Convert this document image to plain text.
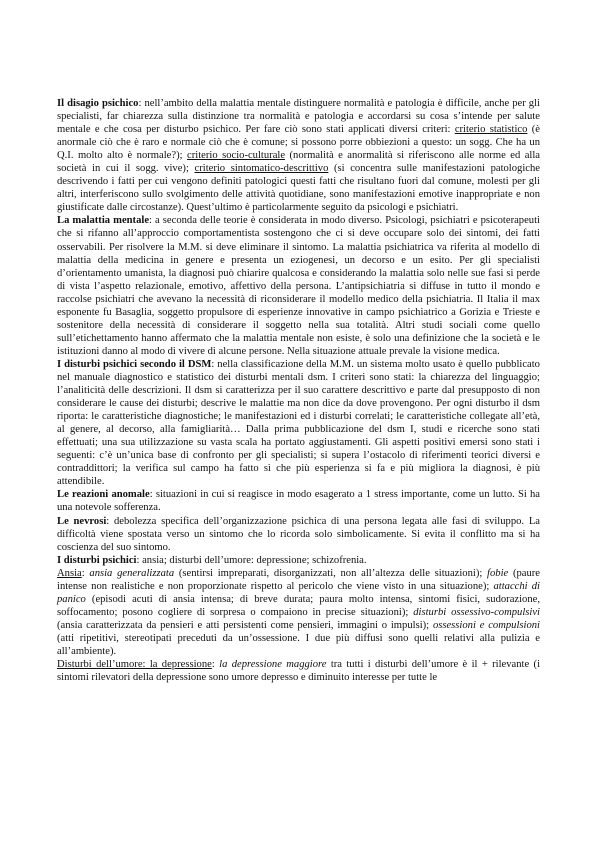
Il disagio psichico: nell’ambito della malattia mentale distinguere normalità e patologia è difficile, anche per gli specialisti, far chiarezza sulla distinzione tra normalità e patologia e accordarsi su cosa s’intende per salute mentale e che cosa per disturbo psichico. Per fare ciò sono stati applicati diversi criteri: criterio statistico (è anormale ciò che è raro e normale ciò che è comune; si possono porre obbiezioni a questo: un sogg. Che ha un Q.I. molto alto è normale?); criterio socio-culturale (normalità e anormalità si riferiscono alle norme ed alla società in cui il sogg. vive); criterio sintomatico-descrittivo (si concentra sulle manifestazioni patologiche descrivendo i fatti per cui vengono definiti patologici questi fatti che risultano fuori dal comune, molesti per gli altri, interferiscono sullo svolgimento delle attività quotidiane, sono manifestazioni emotive inappropriate e non giustificate dalle circostanze). Quest’ultimo è particolarmente seguito da psicologi e psichiatri.

La malattia mentale: a seconda delle teorie è considerata in modo diverso. Psicologi, psichiatri e psicoterapeuti che si rifanno all’approccio comportamentista sostengono che ci si deve occupare solo dei sintomi, dei fatti osservabili. Per risolvere la M.M. si deve eliminare il sintomo. La malattia psichiatrica va riferita al modello di malattia della medicina in genere e presenta un eziogenesi, un decorso e un esito. Per gli specialisti d’orientamento umanista, la diagnosi può chiarire qualcosa e considerando la malattia solo nelle sue fasi si perde di vista l’aspetto relazionale, emotivo, affettivo della persona. L’antipsichiatria si diffuse in tutto il mondo e raccolse psichiatri che avevano la necessità di riconsiderare il modello medico della psichiatria. Il Italia il max esponente fu Basaglia, soggetto propulsore di esperienze innovative in campo psichiatrico a Gorizia e Trieste e sostenitore della necessità di considerare il soggetto nella sua totalità. Altri studi sociali come quello sull’etichettamento hanno affermato che la malattia mentale non esiste, è solo una definizione che la società e le istituzioni danno al modo di vivere di alcune persone. Nella situazione attuale prevale la visione medica.

I disturbi psichici secondo il DSM: nella classificazione della M.M. un sistema molto usato è quello pubblicato nel manuale diagnostico e statistico dei disturbi mentali dsm. I criteri sono stati: la chiarezza del linguaggio; l’analiticità delle descrizioni. Il dsm si caratterizza per il suo carattere descrittivo e parte dal presupposto di non considerare le cause dei disturbi; descrive le malattie ma non dice da dove provengono. Per ogni disturbo il dsm riporta: le caratteristiche diagnostiche; le manifestazioni ed i disturbi correlati; le caratteristiche collegate all’età, al genere, al decorso, alla famigliarità… Dalla prima pubblicazione del dsm I, studi e ricerche sono stati effettuati; una sua utilizzazione su vasta scala ha portato aggiustamenti. Gli aspetti positivi emersi sono stati i seguenti: c’è un’unica base di confronto per gli specialisti; si supera l’ostacolo di riferimenti teorici diversi e contraddittori; la verifica sul campo ha fatto sì che più esperienza si fa e più migliora la diagnosi, è più attendibile.

Le reazioni anomale: situazioni in cui si reagisce in modo esagerato a 1 stress importante, come un lutto. Si ha una notevole sofferenza.

Le nevrosi: debolezza specifica dell’organizzazione psichica di una persona legata alle fasi di sviluppo. La difficoltà viene spostata verso un sintomo che lo ricorda solo simbolicamente. Si evita il conflitto ma si ha coscienza del suo sintomo.

I disturbi psichici: ansia; disturbi dell’umore: depressione; schizofrenia.

Ansia: ansia generalizzata (sentirsi impreparati, disorganizzati, non all’altezza delle situazioni); fobie (paure intense non realistiche e non proporzionate rispetto al pericolo che viene visto in una situazione); attacchi di panico (episodi acuti di ansia intensa; di breve durata; paura molto intensa, sintomi fisici, sudorazione, soffocamento; posono cogliere di sorpresa o compaiono in precise situazioni); disturbi ossessivo-compulsivi (ansia caratterizzata da pensieri e atti persistenti come pensieri, immagini o impulsi); ossessioni e compulsioni (atti ripetitivi, stereotipati preceduti da un’ossessione. I due più diffusi sono quelli relativi alla pulizia e all’ambiente).

Disturbi dell’umore: la depressione: la depressione maggiore tra tutti i disturbi dell’umore è il + rilevante (i sintomi rilevatori della depressione sono umore depresso e diminuito interesse per tutte le
